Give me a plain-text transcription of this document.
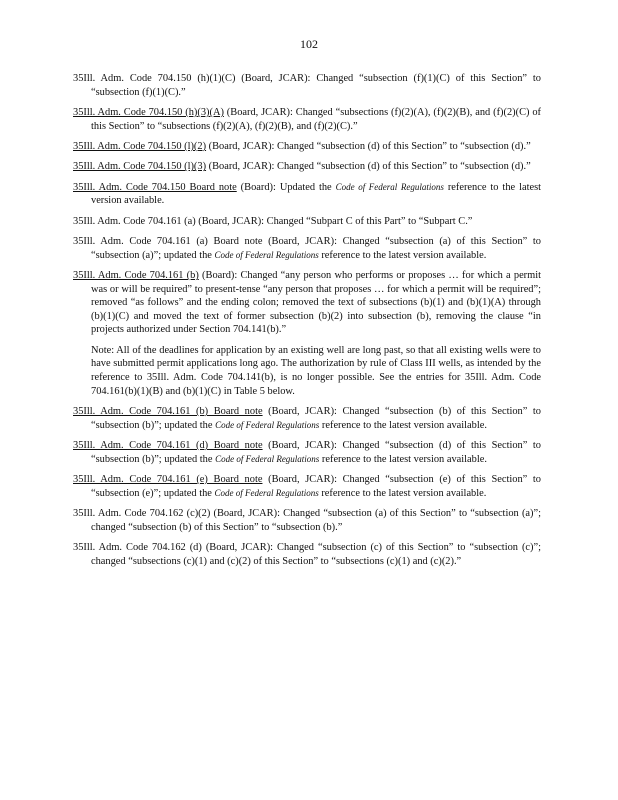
102

35Ill. Adm. Code 704.150 (h)(1)(C) (Board, JCAR): Changed “subsection (f)(1)(C) of this Section” to “subsection (f)(1)(C).”

35Ill. Adm. Code 704.150 (h)(3)(A) (Board, JCAR): Changed “subsections (f)(2)(A), (f)(2)(B), and (f)(2)(C) of this Section” to “subsections (f)(2)(A), (f)(2)(B), and (f)(2)(C).”

35Ill. Adm. Code 704.150 (l)(2) (Board, JCAR): Changed “subsection (d) of this Section” to “subsection (d).”

35Ill. Adm. Code 704.150 (l)(3) (Board, JCAR): Changed “subsection (d) of this Section” to “subsection (d).”

35Ill. Adm. Code 704.150 Board note (Board): Updated the Code of Federal Regulations reference to the latest version available.

35Ill. Adm. Code 704.161 (a) (Board, JCAR): Changed “Subpart C of this Part” to “Subpart C.”

35Ill. Adm. Code 704.161 (a) Board note (Board, JCAR): Changed “subsection (a) of this Section” to “subsection (a)”; updated the Code of Federal Regulations reference to the latest version available.

35Ill. Adm. Code 704.161 (b) (Board): Changed “any person who performs or proposes … for which a permit was or will be required” to present-tense “any person that proposes … for which a permit will be required”; removed “as follows” and the ending colon; removed the text of subsections (b)(1) and (b)(1)(A) through (b)(1)(C) and moved the text of former subsection (b)(2) into subsection (b), removing the clause “in projects authorized under Section 704.141(b).”

Note: All of the deadlines for application by an existing well are long past, so that all existing wells were to have submitted permit applications long ago. The authorization by rule of Class III wells, as intended by the reference to 35Ill. Adm. Code 704.141(b), is no longer possible. See the entries for 35Ill. Adm. Code 704.161(b)(1)(B) and (b)(1)(C) in Table 5 below.

35Ill. Adm. Code 704.161 (b) Board note (Board, JCAR): Changed “subsection (b) of this Section” to “subsection (b)”; updated the Code of Federal Regulations reference to the latest version available.

35Ill. Adm. Code 704.161 (d) Board note (Board, JCAR): Changed “subsection (d) of this Section” to “subsection (b)”; updated the Code of Federal Regulations reference to the latest version available.

35Ill. Adm. Code 704.161 (e) Board note (Board, JCAR): Changed “subsection (e) of this Section” to “subsection (e)”; updated the Code of Federal Regulations reference to the latest version available.

35Ill. Adm. Code 704.162 (c)(2) (Board, JCAR): Changed “subsection (a) of this Section” to “subsection (a)”; changed “subsection (b) of this Section” to “subsection (b).”

35Ill. Adm. Code 704.162 (d) (Board, JCAR): Changed “subsection (c) of this Section” to “subsection (c)”; changed “subsections (c)(1) and (c)(2) of this Section” to “subsections (c)(1) and (c)(2).”
